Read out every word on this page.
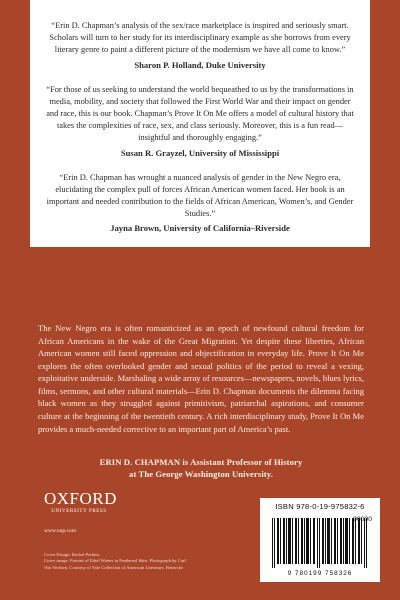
“Erin D. Chapman’s analysis of the sex/race marketplace is inspired and seriously smart. Scholars will turn to her study for its interdisciplinary example as she borrows from every literary genre to paint a different picture of the modernism we have all come to know.”

Sharon P. Holland, Duke University

“For those of us seeking to understand the world bequeathed to us by the transformations in media, mobility, and society that followed the First World War and their impact on gender and race, this is our book. Chapman’s Prove It On Me offers a model of cultural history that takes the complexities of race, sex, and class seriously. Moreover, this is a fun read—insightful and thoroughly engaging.”

Susan R. Grayzel, University of Mississippi

“Erin D. Chapman has wrought a nuanced analysis of gender in the New Negro era, elucidating the complex pull of forces African American women faced. Her book is an important and needed contribution to the fields of African American, Women’s, and Gender Studies.”

Jayna Brown, University of California–Riverside

The New Negro era is often romanticized as an epoch of newfound cultural freedom for African Americans in the wake of the Great Migration. Yet despite these liberties, African American women still faced oppression and objectification in everyday life. Prove It On Me explores the often overlooked gender and sexual politics of the period to reveal a vexing, exploitative underside. Marshaling a wide array of resources—newspapers, novels, blues lyrics, films, sermons, and other cultural materials—Erin D. Chapman documents the dilemma facing black women as they struggled against primitivism, patriarchal aspirations, and consumer culture at the beginning of the twentieth century. A rich interdisciplinary study, Prove It On Me provides a much-needed corrective to an important part of America’s past.

ERIN D. CHAPMAN is Assistant Professor of History
at The George Washington University.
OXFORD
UNIVERSITY PRESS
www.oup.com
Cover Design: Rachel Perkins
Cover image: Portrait of Ethel Waters in Feathered Skirt. Photograph by Carl
Van Vechten. Courtesy of Yale Collection of American Literature, Beinecke
ISBN 978-0-19-975832-6
90000
9 780199 758326
